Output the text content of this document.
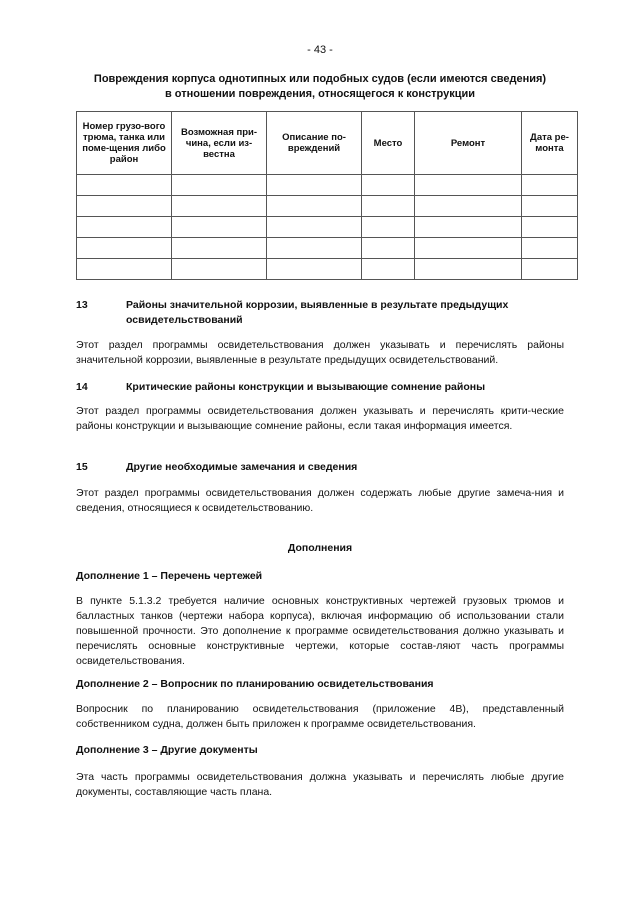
- 43 -
Повреждения корпуса однотипных или подобных судов (если имеются сведения) в отношении повреждения, относящегося к конструкции
Номер грузо-вого трюма, танка или поме-щения либо район	Возможная при-чина, если из-вестна	Описание по-вреждений	Место	Ремонт	Дата ре-монта

13	Районы значительной коррозии, выявленные в результате предыдущих освидетельствований
Этот раздел программы освидетельствования должен указывать и перечислять районы значительной коррозии, выявленные в результате предыдущих освидетельствований.
14	Критические районы конструкции и вызывающие сомнение районы
Этот раздел программы освидетельствования должен указывать и перечислять крити-ческие районы конструкции и вызывающие сомнение районы, если такая информация имеется.
15	Другие необходимые замечания и сведения
Этот раздел программы освидетельствования должен содержать любые другие замеча-ния и сведения, относящиеся к освидетельствованию.
Дополнения
Дополнение 1 – Перечень чертежей
В пункте 5.1.3.2 требуется наличие основных конструктивных чертежей грузовых трюмов и балластных танков (чертежи набора корпуса), включая информацию об использовании стали повышенной прочности. Это дополнение к программе освидетельствования должно указывать и перечислять основные конструктивные чертежи, которые состав-ляют часть программы освидетельствования.
Дополнение 2 – Вопросник по планированию освидетельствования
Вопросник по планированию освидетельствования (приложение 4В), представленный собственником судна, должен быть приложен к программе освидетельствования.
Дополнение 3 – Другие документы
Эта часть программы освидетельствования должна указывать и перечислять любые другие документы, составляющие часть плана.
